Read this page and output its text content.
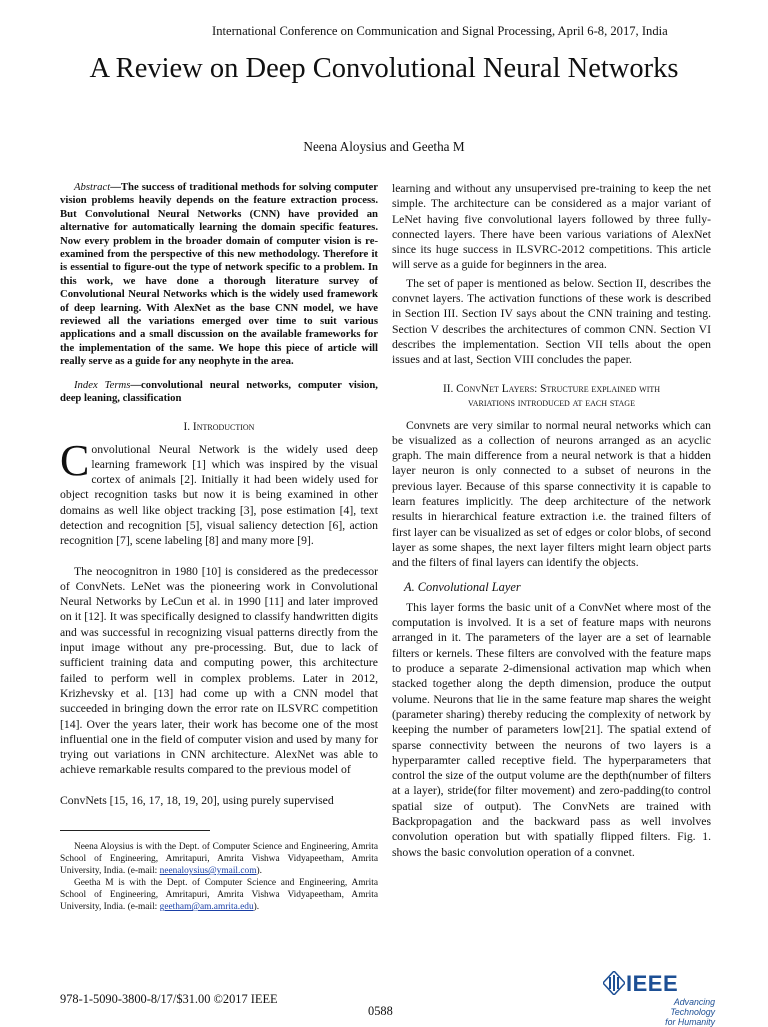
International Conference on Communication and Signal Processing, April 6-8, 2017, India
A Review on Deep Convolutional Neural Networks
Neena Aloysius and Geetha M

Abstract—The success of traditional methods for solving computer vision problems heavily depends on the feature extraction process. But Convolutional Neural Networks (CNN) have provided an alternative for automatically learning the domain specific features. Now every problem in the broader domain of computer vision is re-examined from the perspective of this new methodology. Therefore it is essential to figure-out the type of network specific to a problem. In this work, we have done a thorough literature survey of Convolutional Neural Networks which is the widely used framework of deep learning. With AlexNet as the base CNN model, we have reviewed all the variations emerged over time to suit various applications and a small discussion on the available frameworks for the implementation of the same. We hope this piece of article will really serve as a guide for any neophyte in the area.

Index Terms—convolutional neural networks, computer vision, deep leaning, classification

I. Introduction

Convolutional Neural Network is the widely used deep learning framework [1] which was inspired by the visual cortex of animals [2]. Initially it had been widely used for object recognition tasks but now it is being examined in other domains as well like object tracking [3], pose estimation [4], text detection and recognition [5], visual saliency detection [6], action recognition [7], scene labeling [8] and many more [9].

The neocognitron in 1980 [10] is considered as the predecessor of ConvNets. LeNet was the pioneering work in Convolutional Neural Networks by LeCun et al. in 1990 [11] and later improved on it [12]. It was specifically designed to classify handwritten digits and was successful in recognizing visual patterns directly from the input image without any pre-processing. But, due to lack of sufficient training data and computing power, this architecture failed to perform well in complex problems. Later in 2012, Krizhevsky et al. [13] had come up with a CNN model that succeeded in bringing down the error rate on ILSVRC competition [14]. Over the years later, their work has become one of the most influential one in the field of computer vision and used by many for trying out variations in CNN architecture. AlexNet was able to achieve remarkable results compared to the previous model of

ConvNets [15, 16, 17, 18, 19, 20], using purely supervised

Neena Aloysius is with the Dept. of Computer Science and Engineering, Amrita School of Engineering, Amritapuri, Amrita Vishwa Vidyapeetham, Amrita University, India. (e-mail: neenaloysius@ymail.com).

Geetha M is with the Dept. of Computer Science and Engineering, Amrita School of Engineering, Amritapuri, Amrita Vishwa Vidyapeetham, Amrita University, India. (e-mail: geetham@am.amrita.edu).

learning and without any unsupervised pre-training to keep the net simple. The architecture can be considered as a major variant of LeNet having five convolutional layers followed by three fully-connected layers. There have been various variations of AlexNet since its huge success in ILSVRC-2012 competitions. This article will serve as a guide for beginners in the area.

The set of paper is mentioned as below. Section II, describes the convnet layers. The activation functions of these work is described in Section III. Section IV says about the CNN training and testing. Section V describes the architectures of common CNN. Section VI describes the implementation. Section VII tells about the open issues and at last, Section VIII concludes the paper.

II. ConvNet Layers: Structure explained with
variations introduced at each stage

Convnets are very similar to normal neural networks which can be visualized as a collection of neurons arranged as an acyclic graph. The main difference from a neural network is that a hidden layer neuron is only connected to a subset of neurons in the previous layer. Because of this sparse connectivity it is capable to learn features implicitly. The deep architecture of the network results in hierarchical feature extraction i.e. the trained filters of first layer can be visualized as set of edges or color blobs, of second layer as some shapes, the next layer filters might learn object parts and the filters of final layers can identify the objects.

A. Convolutional Layer

This layer forms the basic unit of a ConvNet where most of the computation is involved. It is a set of feature maps with neurons arranged in it. The parameters of the layer are a set of learnable filters or kernels. These filters are convolved with the feature maps to produce a separate 2-dimensional activation map which when stacked together along the depth dimension, produce the output volume. Neurons that lie in the same feature map shares the weight (parameter sharing) thereby reducing the complexity of network by keeping the number of parameters low[21]. The spatial extend of sparse connectivity between the neurons of two layers is a hyperparamter called receptive field. The hyperparameters that control the size of the output volume are the depth(number of filters at a layer), stride(for filter movement) and zero-padding(to control spatial size of output). The ConvNets are trained with Backpropagation and the backward pass as well involves convolution operation but with spatially flipped filters. Fig. 1. shows the basic convolution operation of a convnet.

978-1-5090-3800-8/17/$31.00 ©2017 IEEE
0588
IEEE
Advancing Technology
for Humanity
